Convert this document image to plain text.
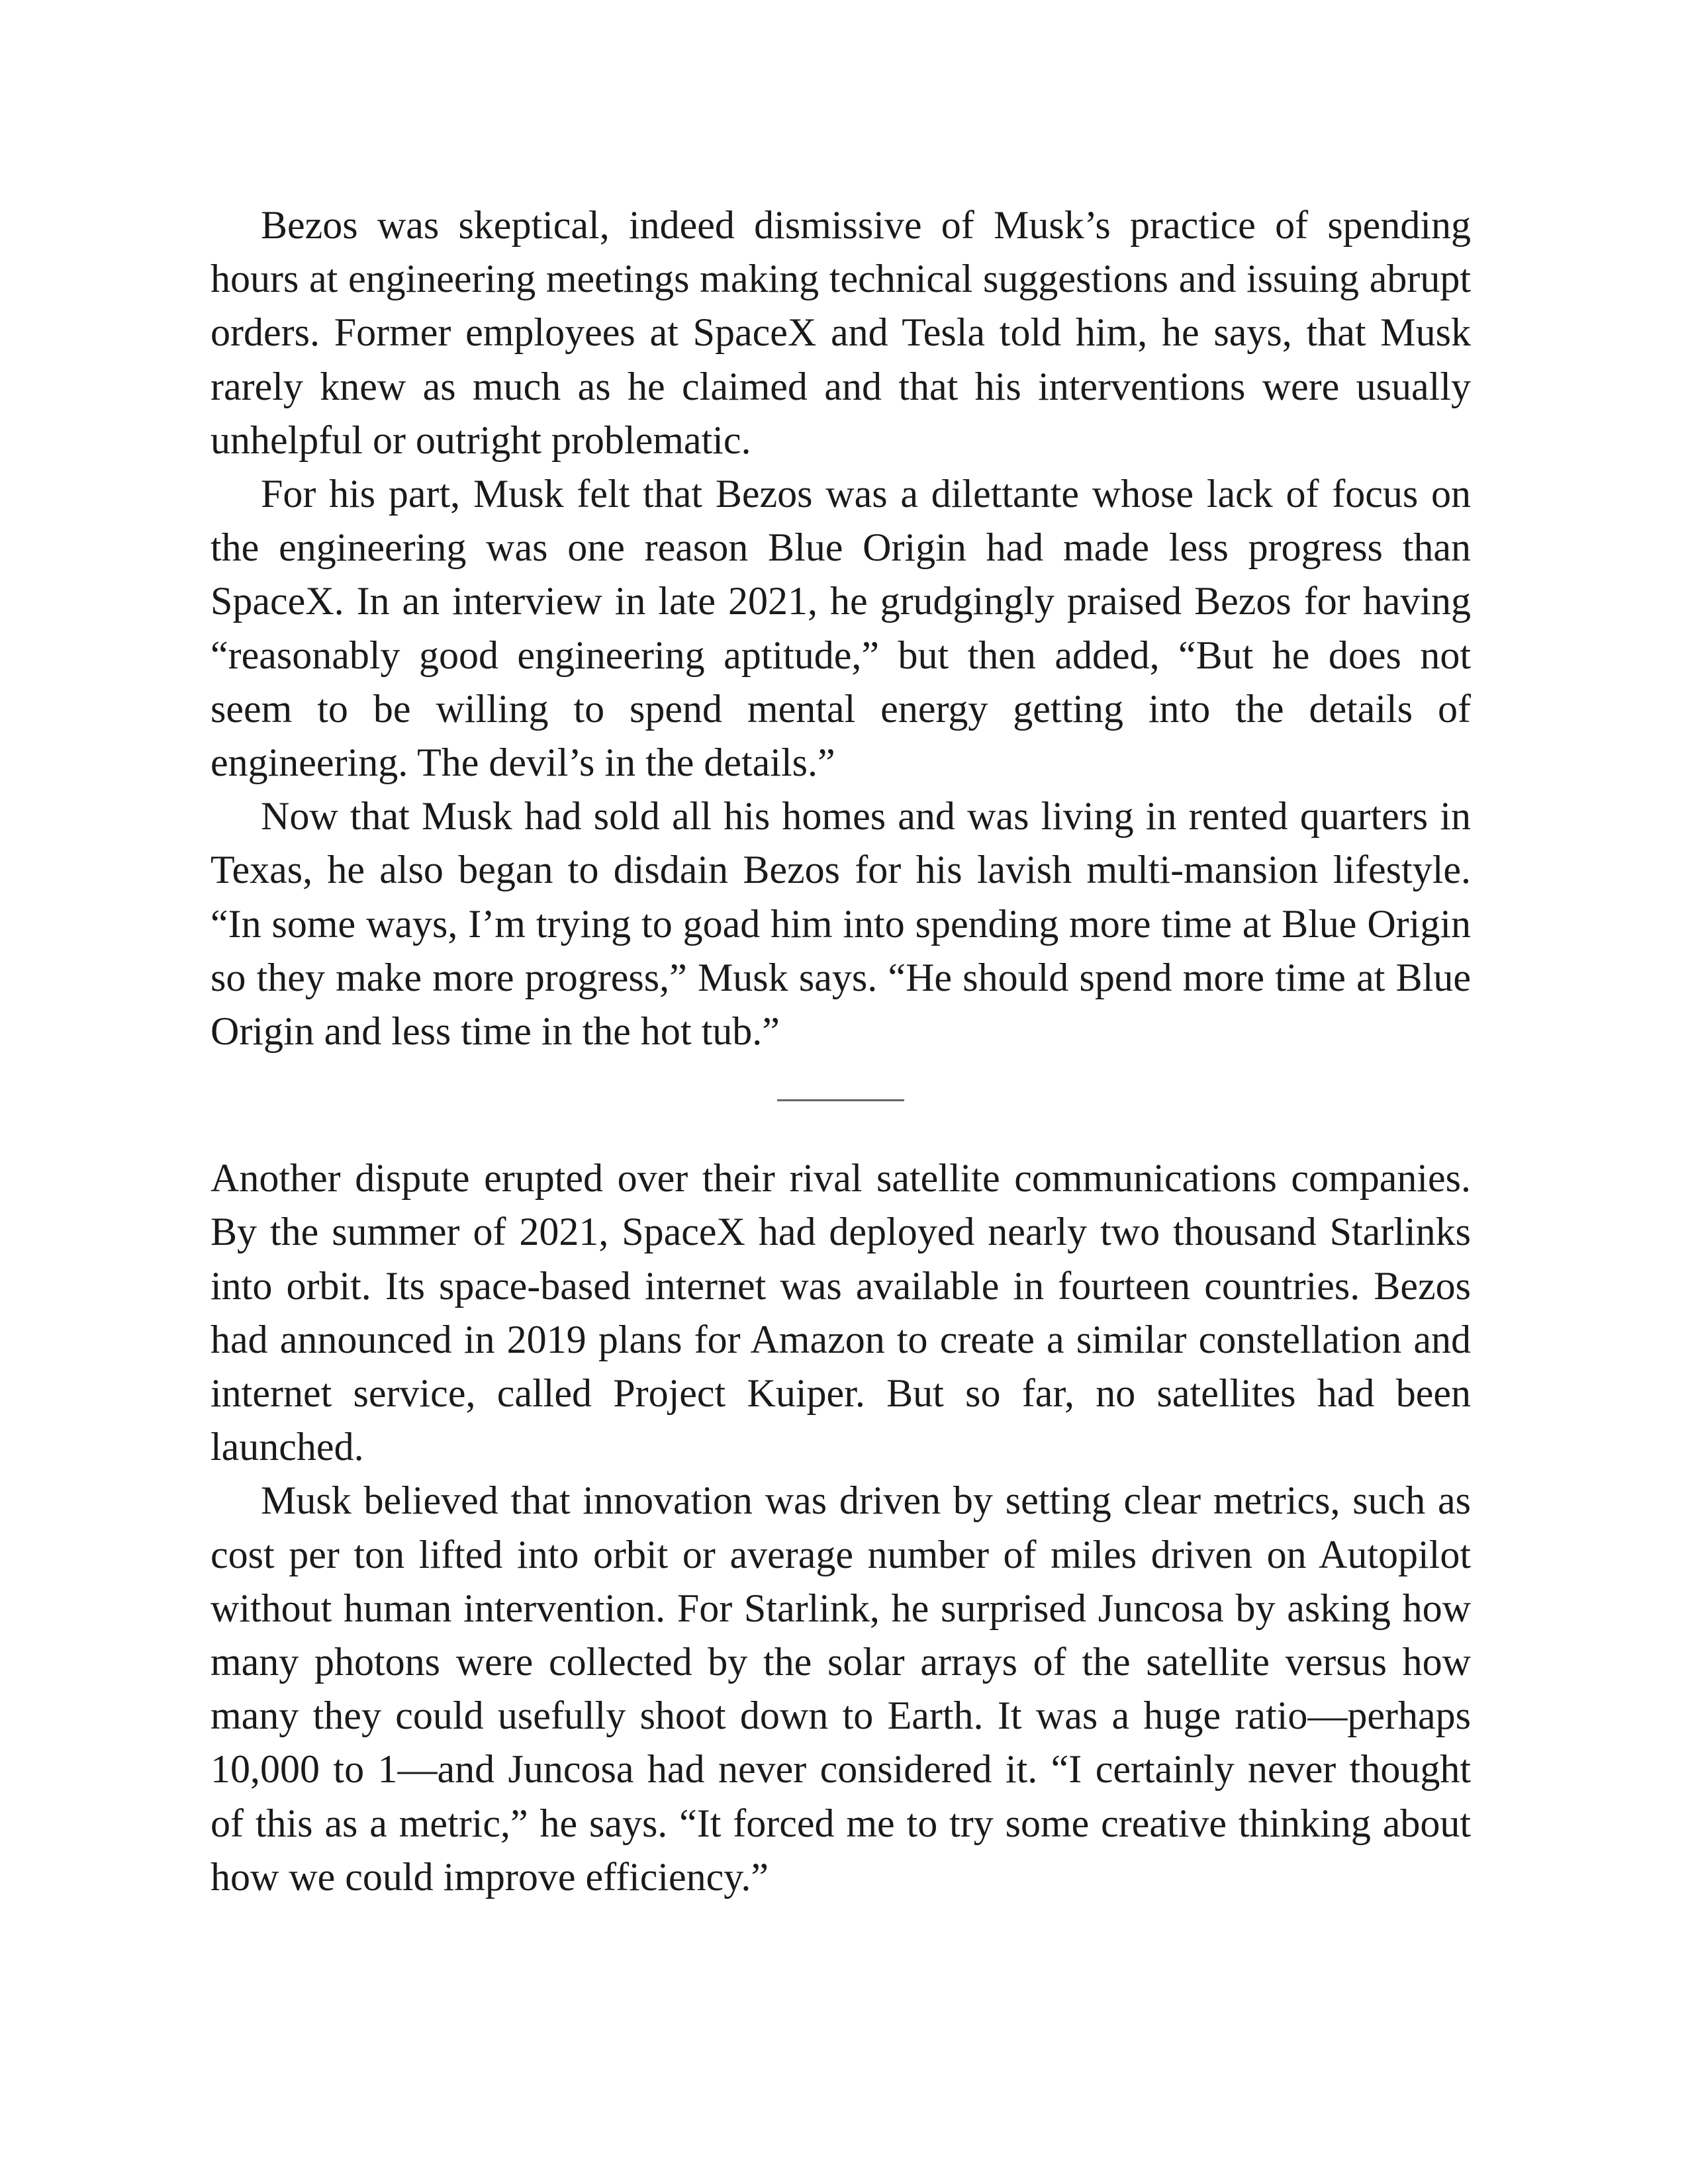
Bezos was skeptical, indeed dismissive of Musk’s practice of spending hours at engineering meetings making technical suggestions and issuing abrupt orders. Former employees at SpaceX and Tesla told him, he says, that Musk rarely knew as much as he claimed and that his interventions were usually unhelpful or outright problematic.

For his part, Musk felt that Bezos was a dilettante whose lack of focus on the engineering was one reason Blue Origin had made less progress than SpaceX. In an interview in late 2021, he grudgingly praised Bezos for having “reasonably good engineering aptitude,” but then added, “But he does not seem to be willing to spend mental energy getting into the details of engineering. The devil’s in the details.”

Now that Musk had sold all his homes and was living in rented quarters in Texas, he also began to disdain Bezos for his lavish multi-mansion lifestyle. “In some ways, I’m trying to goad him into spending more time at Blue Origin so they make more progress,” Musk says. “He should spend more time at Blue Origin and less time in the hot tub.”

Another dispute erupted over their rival satellite communications companies. By the summer of 2021, SpaceX had deployed nearly two thousand Starlinks into orbit. Its space-based internet was available in fourteen countries. Bezos had announced in 2019 plans for Amazon to create a similar constellation and internet service, called Project Kuiper. But so far, no satellites had been launched.

Musk believed that innovation was driven by setting clear metrics, such as cost per ton lifted into orbit or average number of miles driven on Autopilot without human intervention. For Starlink, he surprised Juncosa by asking how many photons were collected by the solar arrays of the satellite versus how many they could usefully shoot down to Earth. It was a huge ratio—perhaps 10,000 to 1—and Juncosa had never considered it. “I certainly never thought of this as a metric,” he says. “It forced me to try some creative thinking about how we could improve efficiency.”
